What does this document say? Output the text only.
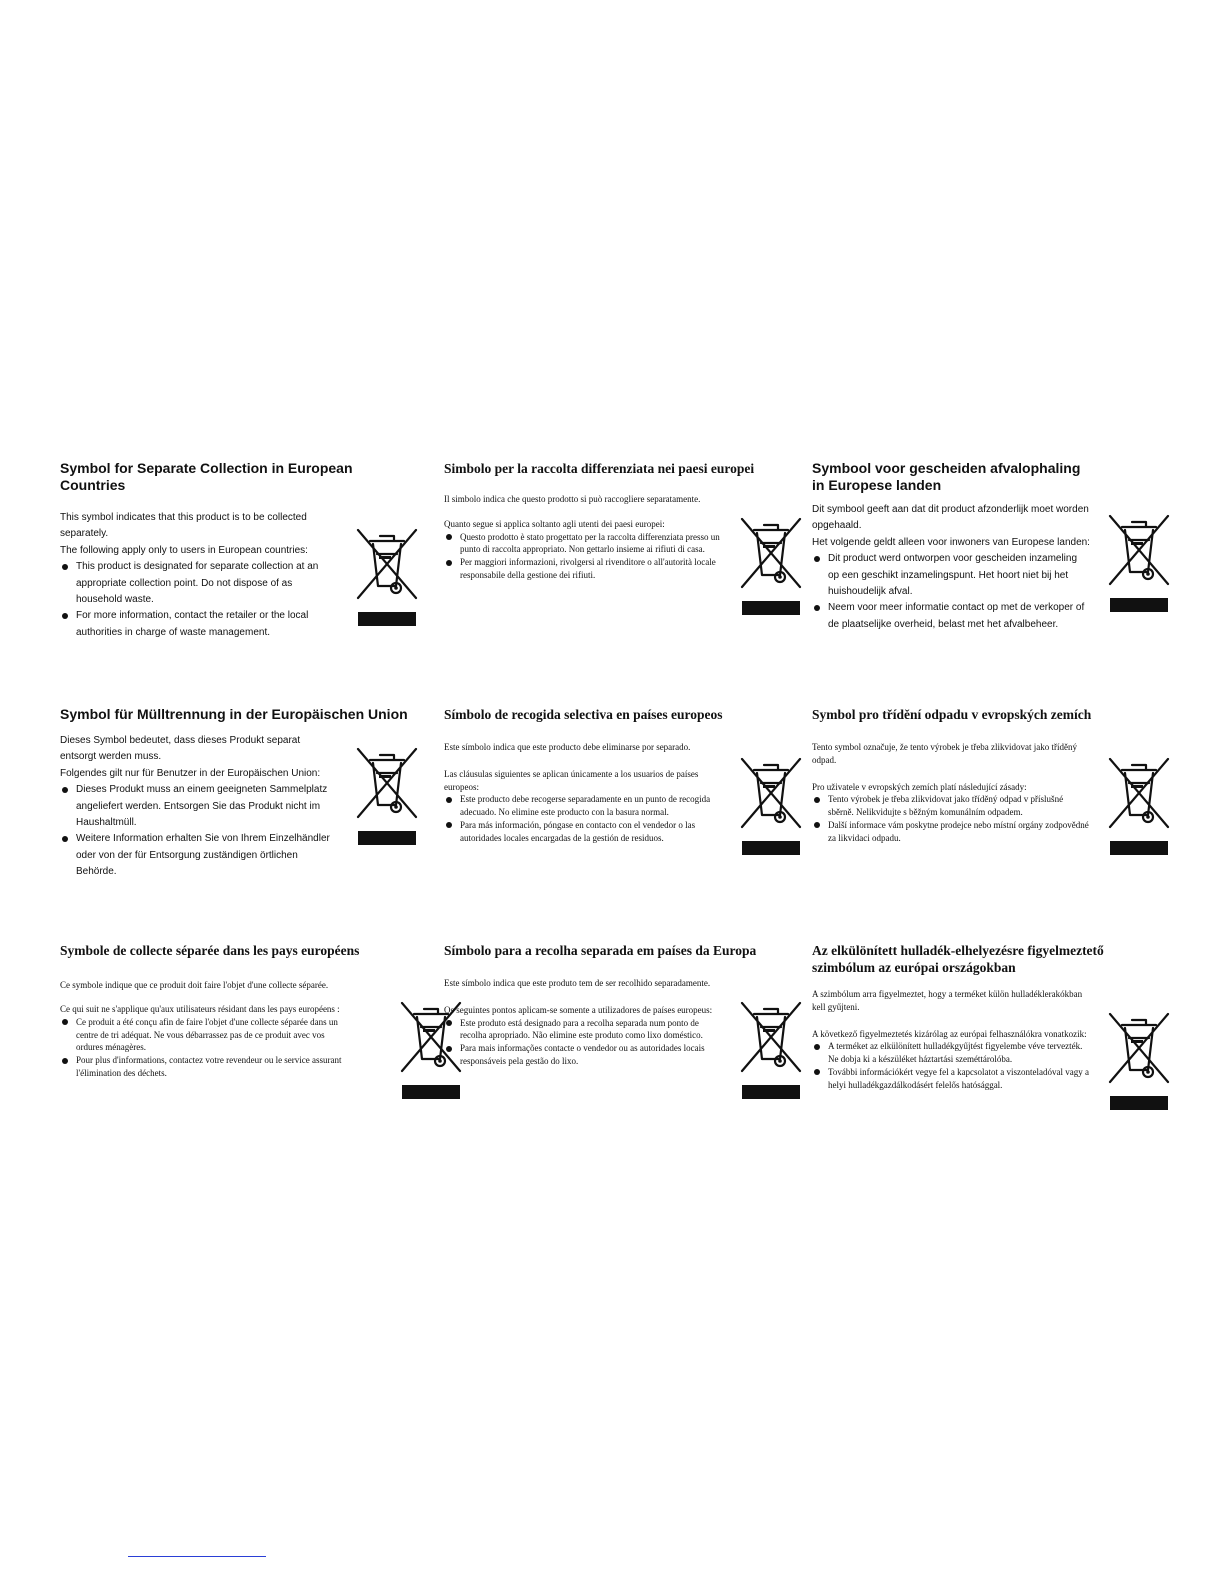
Symbol for Separate Collection in European Countries

This symbol indicates that this product is to be collected separately.

The following apply only to users in European countries:

This product is designated for separate collection at an appropriate collection point. Do not dispose of as household waste.
For more information, contact the retailer or the local authorities in charge of waste management.
Simbolo per la raccolta differenziata nei paesi europei

Il simbolo indica che questo prodotto si può raccogliere separatamente.

Quanto segue si applica soltanto agli utenti dei paesi europei:

Questo prodotto è stato progettato per la raccolta differenziata presso un punto di raccolta appropriato. Non gettarlo insieme ai rifiuti di casa.
Per maggiori informazioni, rivolgersi al rivenditore o all'autorità locale responsabile della gestione dei rifiuti.
Symbool voor gescheiden afvalophaling in Europese landen

Dit symbool geeft aan dat dit product afzonderlijk moet worden opgehaald.

Het volgende geldt alleen voor inwoners van Europese landen:

Dit product werd ontworpen voor gescheiden inzameling op een geschikt inzamelingspunt. Het hoort niet bij het huishoudelijk afval.
Neem voor meer informatie contact op met de verkoper of de plaatselijke overheid, belast met het afvalbeheer.
Symbol für Mülltrennung in der Europäischen Union

Dieses Symbol bedeutet, dass dieses Produkt separat entsorgt werden muss.

Folgendes gilt nur für Benutzer in der Europäischen Union:

Dieses Produkt muss an einem geeigneten Sammelplatz angeliefert werden. Entsorgen Sie das Produkt nicht im Haushaltmüll.
Weitere Information erhalten Sie von Ihrem Einzelhändler oder von der für Entsorgung zuständigen örtlichen Behörde.
Símbolo de recogida selectiva en países europeos

Este símbolo indica que este producto debe eliminarse por separado.

Las cláusulas siguientes se aplican únicamente a los usuarios de países europeos:

Este producto debe recogerse separadamente en un punto de recogida adecuado. No elimine este producto con la basura normal.
Para más información, póngase en contacto con el vendedor o las autoridades locales encargadas de la gestión de residuos.
Symbol pro třídění odpadu v evropských zemích

Tento symbol označuje, že tento výrobek je třeba zlikvidovat jako tříděný odpad.

Pro uživatele v evropských zemích platí následující zásady:

Tento výrobek je třeba zlikvidovat jako tříděný odpad v příslušné sběrně. Nelikvidujte s běžným komunálním odpadem.
Další informace vám poskytne prodejce nebo místní orgány zodpovědné za likvidaci odpadu.
Symbole de collecte séparée dans les pays européens

Ce symbole indique que ce produit doit faire l'objet d'une collecte séparée.

Ce qui suit ne s'applique qu'aux utilisateurs résidant dans les pays européens :

Ce produit a été conçu afin de faire l'objet d'une collecte séparée dans un centre de tri adéquat. Ne vous débarrassez pas de ce produit avec vos ordures ménagères.
Pour plus d'informations, contactez votre revendeur ou le service assurant l'élimination des déchets.
Símbolo para a recolha separada em países da Europa

Este símbolo indica que este produto tem de ser recolhido separadamente.

Os seguintes pontos aplicam-se somente a utilizadores de países europeus:

Este produto está designado para a recolha separada num ponto de recolha apropriado. Não elimine este produto como lixo doméstico.
Para mais informações contacte o vendedor ou as autoridades locais responsáveis pela gestão do lixo.
Az elkülönített hulladék-elhelyezésre figyelmeztető szimbólum az európai országokban

A szimbólum arra figyelmeztet, hogy a terméket külön hulladéklerakókban kell gyűjteni.

A következő figyelmeztetés kizárólag az európai felhasználókra vonatkozik:

A terméket az elkülönített hulladékgyűjtést figyelembe véve tervezték. Ne dobja ki a készüléket háztartási szeméttárolóba.
További információkért vegye fel a kapcsolatot a viszonteladóval vagy a helyi hulladékgazdálkodásért felelős hatósággal.
